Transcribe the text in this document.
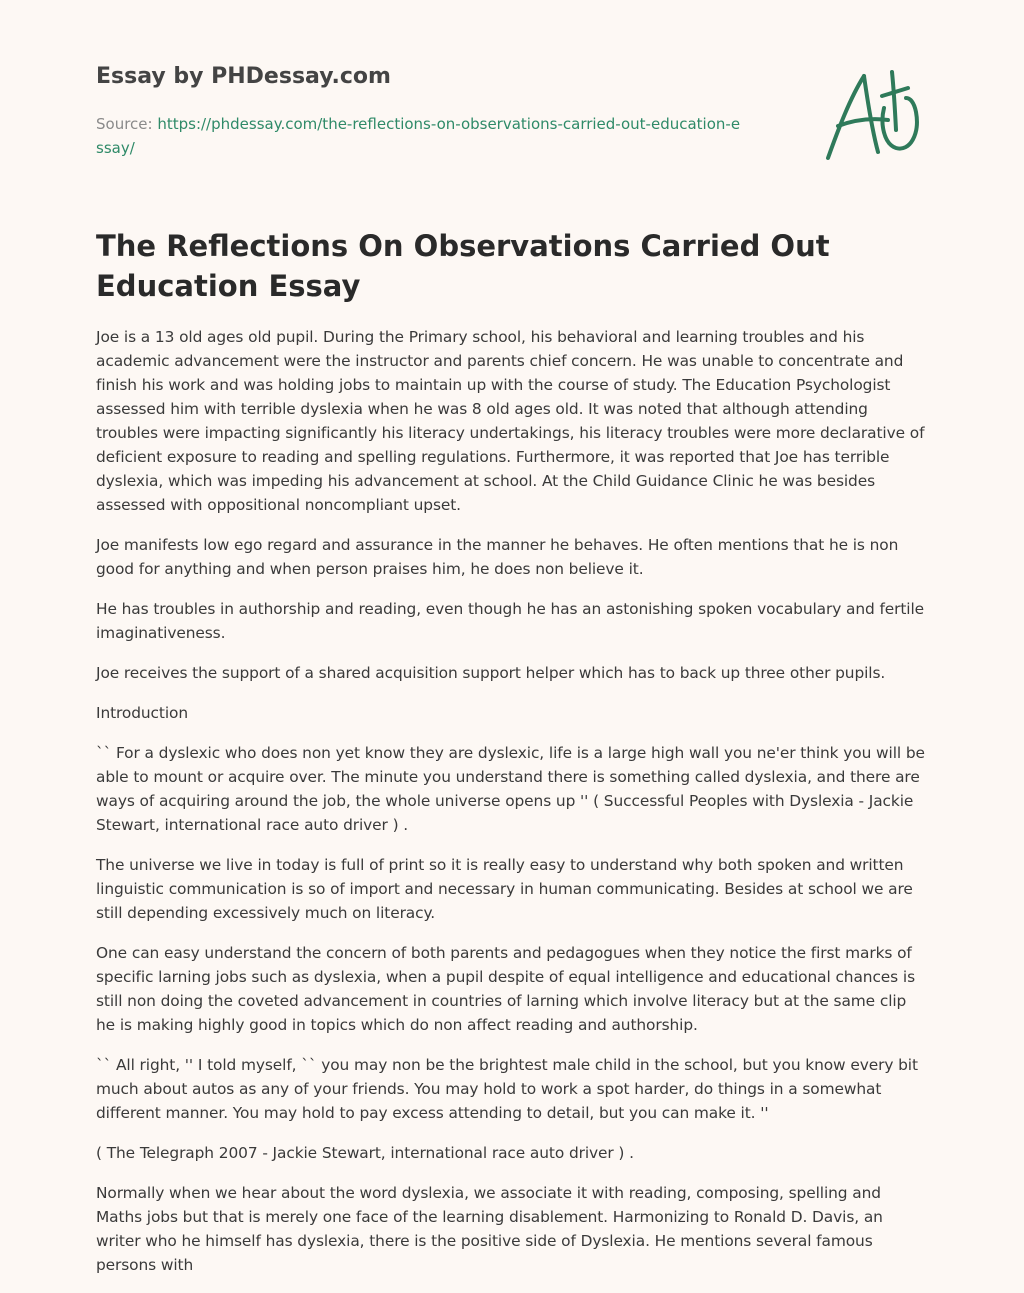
Essay by PHDessay.com
Source: https://phdessay.com/the-reflections-on-observations-carried-out-education-essay/
The Reflections On Observations Carried Out Education Essay

Joe is a 13 old ages old pupil. During the Primary school, his behavioral and learning troubles and his academic advancement were the instructor and parents chief concern. He was unable to concentrate and finish his work and was holding jobs to maintain up with the course of study. The Education Psychologist assessed him with terrible dyslexia when he was 8 old ages old. It was noted that although attending troubles were impacting significantly his literacy undertakings, his literacy troubles were more declarative of deficient exposure to reading and spelling regulations. Furthermore, it was reported that Joe has terrible dyslexia, which was impeding his advancement at school. At the Child Guidance Clinic he was besides assessed with oppositional noncompliant upset.

Joe manifests low ego regard and assurance in the manner he behaves. He often mentions that he is non good for anything and when person praises him, he does non believe it.

He has troubles in authorship and reading, even though he has an astonishing spoken vocabulary and fertile imaginativeness.

Joe receives the support of a shared acquisition support helper which has to back up three other pupils.

Introduction

`` For a dyslexic who does non yet know they are dyslexic, life is a large high wall you ne'er think you will be able to mount or acquire over. The minute you understand there is something called dyslexia, and there are ways of acquiring around the job, the whole universe opens up '' ( Successful Peoples with Dyslexia - Jackie Stewart, international race auto driver ) .

The universe we live in today is full of print so it is really easy to understand why both spoken and written linguistic communication is so of import and necessary in human communicating. Besides at school we are still depending excessively much on literacy.

One can easy understand the concern of both parents and pedagogues when they notice the first marks of specific larning jobs such as dyslexia, when a pupil despite of equal intelligence and educational chances is still non doing the coveted advancement in countries of larning which involve literacy but at the same clip he is making highly good in topics which do non affect reading and authorship.

`` All right, '' I told myself, `` you may non be the brightest male child in the school, but you know every bit much about autos as any of your friends. You may hold to work a spot harder, do things in a somewhat different manner. You may hold to pay excess attending to detail, but you can make it. ''

( The Telegraph 2007 - Jackie Stewart, international race auto driver ) .

Normally when we hear about the word dyslexia, we associate it with reading, composing, spelling and Maths jobs but that is merely one face of the learning disablement. Harmonizing to Ronald D. Davis, an writer who he himself has dyslexia, there is the positive side of Dyslexia. He mentions several famous persons with
